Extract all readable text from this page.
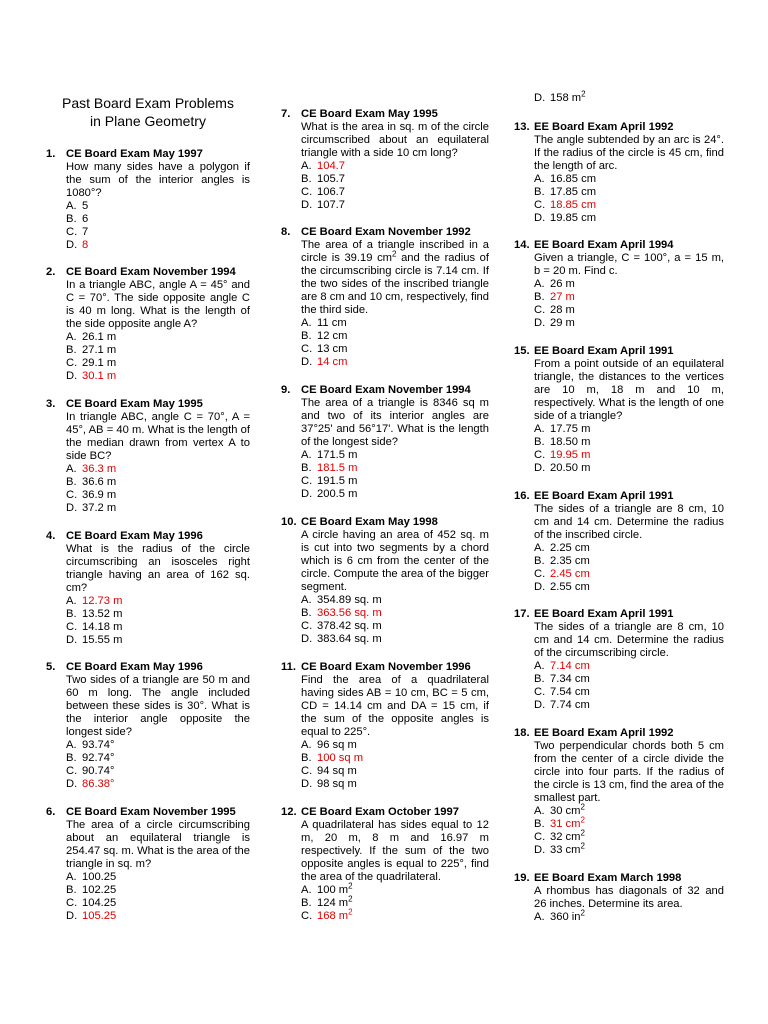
Past Board Exam Problems
in Plane Geometry
1. CE Board Exam May 1997
How many sides have a polygon if the sum of the interior angles is 1080°?
A. 5
B. 6
C. 7
D. 8
2. CE Board Exam November 1994
In a triangle ABC, angle A = 45° and C = 70°. The side opposite angle C is 40 m long. What is the length of the side opposite angle A?
A. 26.1 m
B. 27.1 m
C. 29.1 m
D. 30.1 m
3. CE Board Exam May 1995
In triangle ABC, angle C = 70°, A = 45°, AB = 40 m. What is the length of the median drawn from vertex A to side BC?
A. 36.3 m
B. 36.6 m
C. 36.9 m
D. 37.2 m
4. CE Board Exam May 1996
What is the radius of the circle circumscribing an isosceles right triangle having an area of 162 sq. cm?
A. 12.73 m
B. 13.52 m
C. 14.18 m
D. 15.55 m
5. CE Board Exam May 1996
Two sides of a triangle are 50 m and 60 m long. The angle included between these sides is 30°. What is the interior angle opposite the longest side?
A. 93.74°
B. 92.74°
C. 90.74°
D. 86.38°
6. CE Board Exam November 1995
The area of a circle circumscribing about an equilateral triangle is 254.47 sq. m. What is the area of the triangle in sq. m?
A. 100.25
B. 102.25
C. 104.25
D. 105.25
7. CE Board Exam May 1995
What is the area in sq. m of the circle circumscribed about an equilateral triangle with a side 10 cm long?
A. 104.7
B. 105.7
C. 106.7
D. 107.7
8. CE Board Exam November 1992
The area of a triangle inscribed in a circle is 39.19 $cm^2$ and the radius of the circumscribing circle is 7.14 cm. If the two sides of the inscribed triangle are 8 cm and 10 cm, respectively, find the third side.
A. 11 cm
B. 12 cm
C. 13 cm
D. 14 cm
9. CE Board Exam November 1994
The area of a triangle is 8346 sq m and two of its interior angles are 37°25' and 56°17'. What is the length of the longest side?
A. 171.5 m
B. 181.5 m
C. 191.5 m
D. 200.5 m
10. CE Board Exam May 1998
A circle having an area of 452 sq. m is cut into two segments by a chord which is 6 cm from the center of the circle. Compute the area of the bigger segment.
A. 354.89 sq. m
B. 363.56 sq. m
C. 378.42 sq. m
D. 383.64 sq. m
11. CE Board Exam November 1996
Find the area of a quadrilateral having sides AB = 10 cm, BC = 5 cm, CD = 14.14 cm and DA = 15 cm, if the sum of the opposite angles is equal to 225°.
A. 96 sq m
B. 100 sq m
C. 94 sq m
D. 98 sq m
12. CE Board Exam October 1997
A quadrilateral has sides equal to 12 m, 20 m, 8 m and 16.97 m respectively. If the sum of the two opposite angles is equal to 225°, find the area of the quadrilateral.
A. 100 $m^2$
B. 124 $m^2$
C. 168 $m^2$
D. 158 $m^2$
13. EE Board Exam April 1992
The angle subtended by an arc is 24°. If the radius of the circle is 45 cm, find the length of arc.
A. 16.85 cm
B. 17.85 cm
C. 18.85 cm
D. 19.85 cm
14. EE Board Exam April 1994
Given a triangle, C = 100°, a = 15 m, b = 20 m. Find c.
A. 26 m
B. 27 m
C. 28 m
D. 29 m
15. EE Board Exam April 1991
From a point outside of an equilateral triangle, the distances to the vertices are 10 m, 18 m and 10 m, respectively. What is the length of one side of a triangle?
A. 17.75 m
B. 18.50 m
C. 19.95 m
D. 20.50 m
16. EE Board Exam April 1991
The sides of a triangle are 8 cm, 10 cm and 14 cm. Determine the radius of the inscribed circle.
A. 2.25 cm
B. 2.35 cm
C. 2.45 cm
D. 2.55 cm
17. EE Board Exam April 1991
The sides of a triangle are 8 cm, 10 cm and 14 cm. Determine the radius of the circumscribing circle.
A. 7.14 cm
B. 7.34 cm
C. 7.54 cm
D. 7.74 cm
18. EE Board Exam April 1992
Two perpendicular chords both 5 cm from the center of a circle divide the circle into four parts. If the radius of the circle is 13 cm, find the area of the smallest part.
A. 30 $cm^2$
B. 31 $cm^2$
C. 32 $cm^2$
D. 33 $cm^2$
19. EE Board Exam March 1998
A rhombus has diagonals of 32 and 26 inches. Determine its area.
A. 360 $in^2$
